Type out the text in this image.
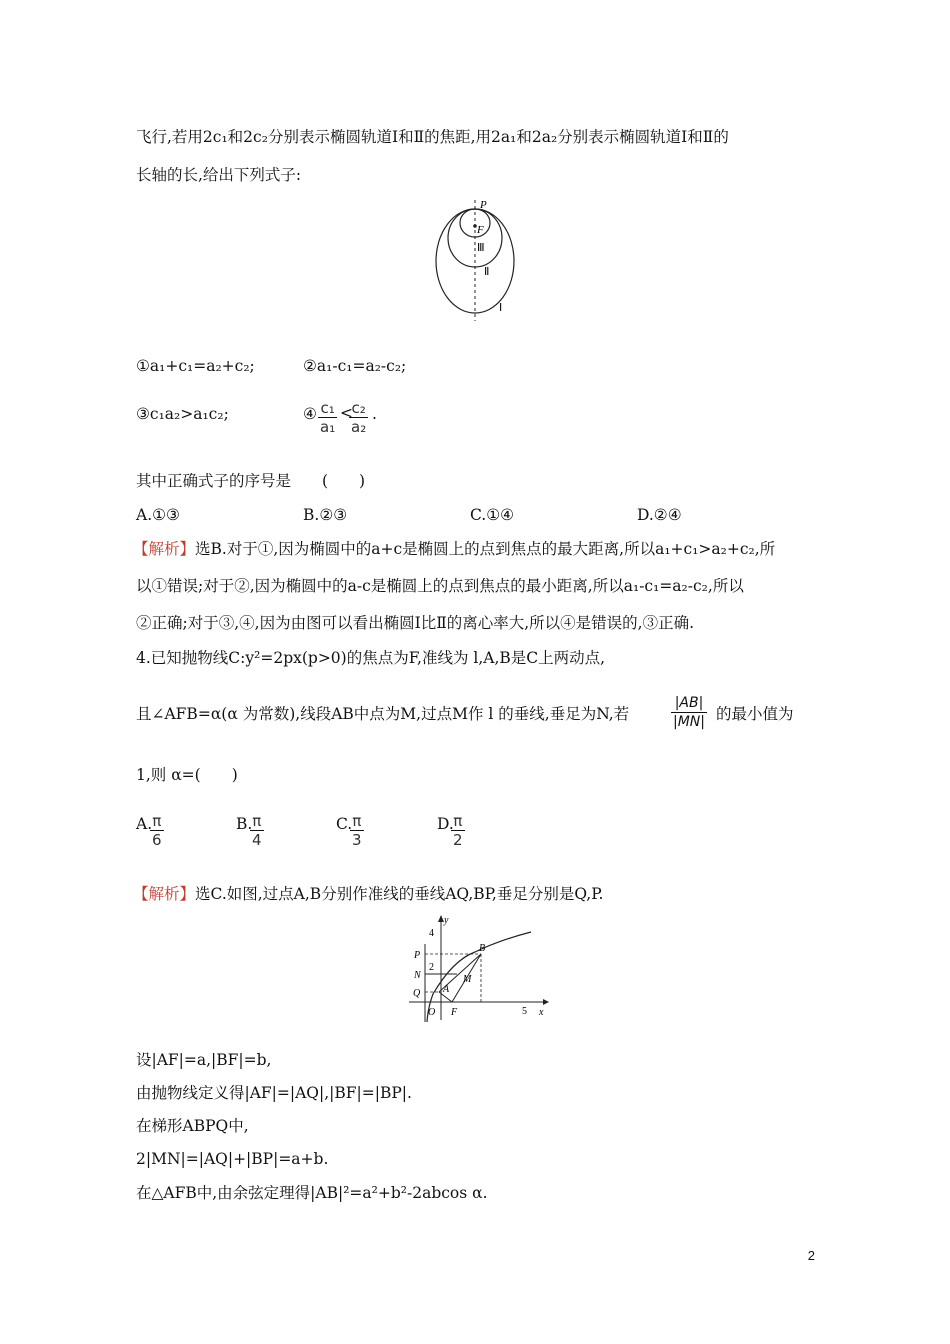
飞行,若用2c₁和2c₂分别表示椭圆轨道Ⅰ和Ⅱ的焦距,用2a₁和2a₂分别表示椭圆轨道Ⅰ和Ⅱ的
长轴的长,给出下列式子:
P
F
Ⅲ
Ⅱ
Ⅰ
①a₁+c₁=a₂+c₂;	②a₁-c₁=a₂-c₂;
③c₁a₂>a₁c₂;	④ $\frac{\text{c₁}}{\text{a₁}}$ <
$\frac{\text{c₂}}{\text{a₂}}$ .
其中正确式子的序号是　　(　　)
A.①③	B.②③	C.①④	D.②④
【解析】选B.对于①,因为椭圆中的a+c是椭圆上的点到焦点的最大距离,所以a₁+c₁>a₂+c₂,所
以①错误;对于②,因为椭圆中的a-c是椭圆上的点到焦点的最小距离,所以a₁-c₁=a₂-c₂,所以
②正确;对于③,④,因为由图可以看出椭圆Ⅰ比Ⅱ的离心率大,所以④是错误的,③正确.
4.已知抛物线C:y²=2px(p>0)的焦点为F,准线为 l,A,B是C上两动点,
且∠AFB=α(α 为常数),线段AB中点为M,过点M作 l 的垂线,垂足为N,若	$\frac{|AB|}{|MN|}$ 的最小值为
1,则 α=(　　)
A.
$\frac{\pi}{6}$	B.
$\frac{\pi}{4}$	C.
$\frac{\pi}{3}$	D.
$\frac{\pi}{2}$
【解析】选C.如图,过点A,B分别作准线的垂线AQ,BP,垂足分别是Q,P.
y
x
4
2
5
P
N
Q
O F
A
B
M
设|AF|=a,|BF|=b,
由抛物线定义得|AF|=|AQ|,|BF|=|BP|.
在梯形ABPQ中,
2|MN|=|AQ|+|BP|=a+b.
在△AFB中,由余弦定理得|AB|²=a²+b²-2abcos α.
2
